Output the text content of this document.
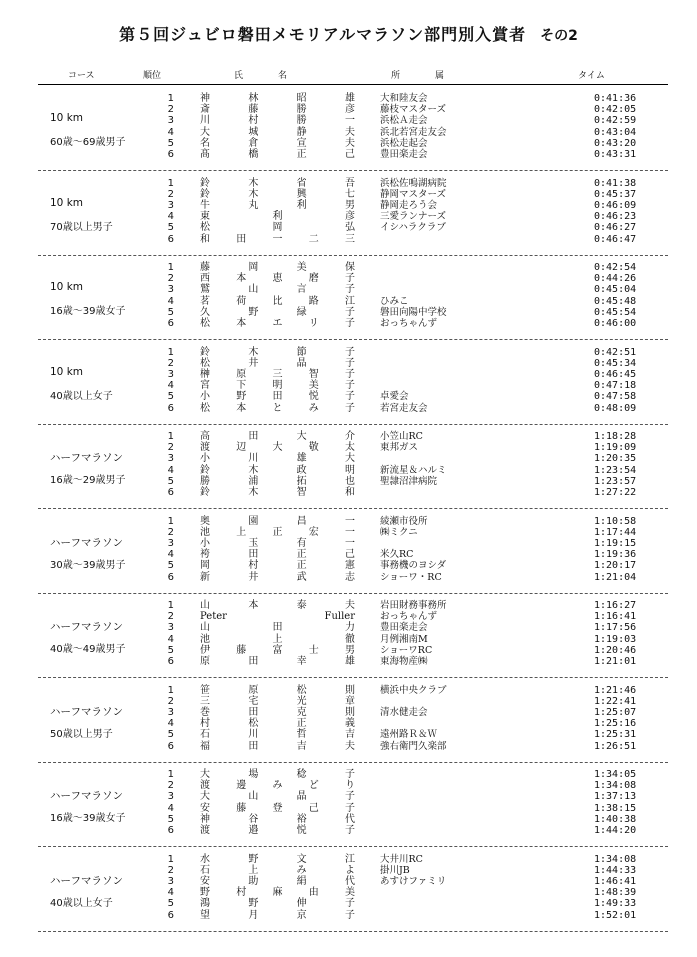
第５回ジュビロ磐田メモリアルマラソン部門別入賞者 その2
コース	順位	氏	名	所	属	タイム
10 km
60歳〜69歳男子
1	神林昭雄	大和陸友会	0:41:36
2	斎藤勝彦	藤枝マスターズ	0:42:05
3	川村勝一	浜松Ａ走会	0:42:59
4	大城静夫	浜北若宮走友会	0:43:04
5	名倉宣夫	浜松走起会	0:43:20
6	髙橋正己	豊田楽走会	0:43:31
10 km
70歳以上男子
1	鈴木省吾	浜松佐鳴湖病院	0:41:38
2	鈴木興七	静岡マスターズ	0:45:37
3	牛丸利男	静岡走ろう会	0:46:09
4	東利彦	三愛ランナーズ	0:46:23
5	松岡弘	イシハラクラブ	0:46:27
6	和田一二三	0:46:47
10 km
16歳〜39歳女子
1	藤岡美保	0:42:54
2	西本恵磨子	0:44:26
3	鷲山言子	0:45:04
4	茗荷比路江	ひみこ	0:45:48
5	久野緑子	磐田向陽中学校	0:45:54
6	松本エリ子	おっちゃんず	0:46:00
10 km
40歳以上女子
1	鈴木節子	0:42:51
2	松井晶子	0:45:34
3	榊原三智子	0:46:45
4	宮下明美子	0:47:18
5	小野田悦子	卓愛会	0:47:58
6	松本とみ子	若宮走友会	0:48:09
ハーフマラソン
16歳〜29歳男子
1	高田大介	小笠山RC	1:18:28
2	渡辺大敬太	東邦ガス	1:19:09
3	小川雄大	1:20:35
4	鈴木政明	新流星＆ハルミ	1:23:54
5	勝浦拓也	聖隷沼津病院	1:23:57
6	鈴木智和	1:27:22
ハーフマラソン
30歳〜39歳男子
1	奥園昌一	綾瀬市役所	1:10:58
2	池上正宏一	㈱ミクニ	1:17:44
3	小玉有一	1:19:15
4	袴田正己	米久RC	1:19:36
5	岡村正憲	事務機のヨシダ	1:20:17
6	新井武志	ショーワ・RC	1:21:04
ハーフマラソン
40歳〜49歳男子
1	山本泰夫	岩田財務事務所	1:16:27
2	Peter Fuller	おっちゃんず	1:16:41
3	山田力	豊田楽走会	1:17:56
4	池上徹	月例湘南M	1:19:03
5	伊藤富士男	ショーワRC	1:20:46
6	原田幸雄	東海物産㈱	1:21:01
ハーフマラソン
50歳以上男子
1	笹原松則	横浜中央クラブ	1:21:46
2	三宅光章	1:22:41
3	巻田克則	清水健走会	1:25:07
4	村松正義	1:25:16
5	石川哲吉	遠州路Ｒ＆Ｗ	1:25:31
6	福田吉夫	強右衛門久楽部	1:26:51
ハーフマラソン
16歳〜39歳女子
1	大場稔子	1:34:05
2	渡邊みどり	1:34:08
3	大山晶子	1:37:13
4	安藤登己子	1:38:15
5	神谷裕代	1:40:38
6	渡邉悦子	1:44:20
ハーフマラソン
40歳以上女子
1	水野文江	大井川RC	1:34:08
2	石上みよ	掛川JB	1:44:33
3	安助絹代	あすけファミリ	1:46:41
4	野村麻由美	1:48:39
5	鴻野伸子	1:49:33
6	望月京子	1:52:01
